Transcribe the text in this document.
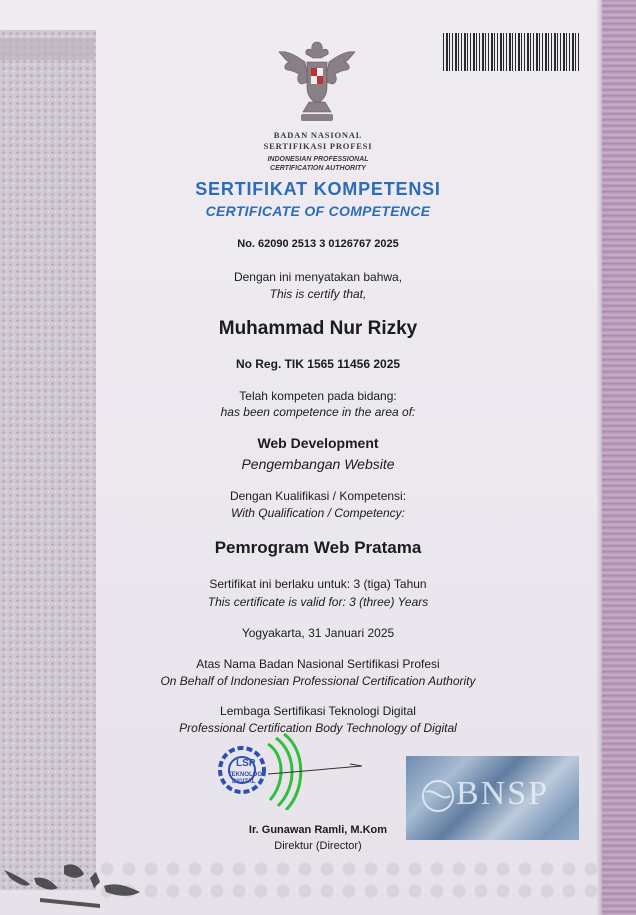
BADAN NASIONAL
SERTIFIKASI PROFESI
INDONESIAN PROFESSIONAL
CERTIFICATION AUTHORITY
SERTIFIKAT KOMPETENSI
CERTIFICATE OF COMPETENCE
No. 62090 2513 3 0126767 2025
Dengan ini menyatakan bahwa,
This is certify that,
Muhammad Nur Rizky
No Reg. TIK 1565 11456 2025
Telah kompeten pada bidang:
has been competence in the area of:
Web Development
Pengembangan Website
Dengan Kualifikasi / Kompetensi:
With Qualification / Competency:
Pemrogram Web Pratama
Sertifikat ini berlaku untuk: 3 (tiga) Tahun
This certificate is valid for: 3 (three) Years
Yogyakarta, 31 Januari 2025
Atas Nama Badan Nasional Sertifikasi Profesi
On Behalf of Indonesian Professional Certification Authority
Lembaga Sertifikasi Teknologi Digital
Professional Certification Body Technology of Digital
LSP
TEKNOLOGI
DIGITAL	BNSP
Ir. Gunawan Ramli, M.Kom
Direktur (Director)
